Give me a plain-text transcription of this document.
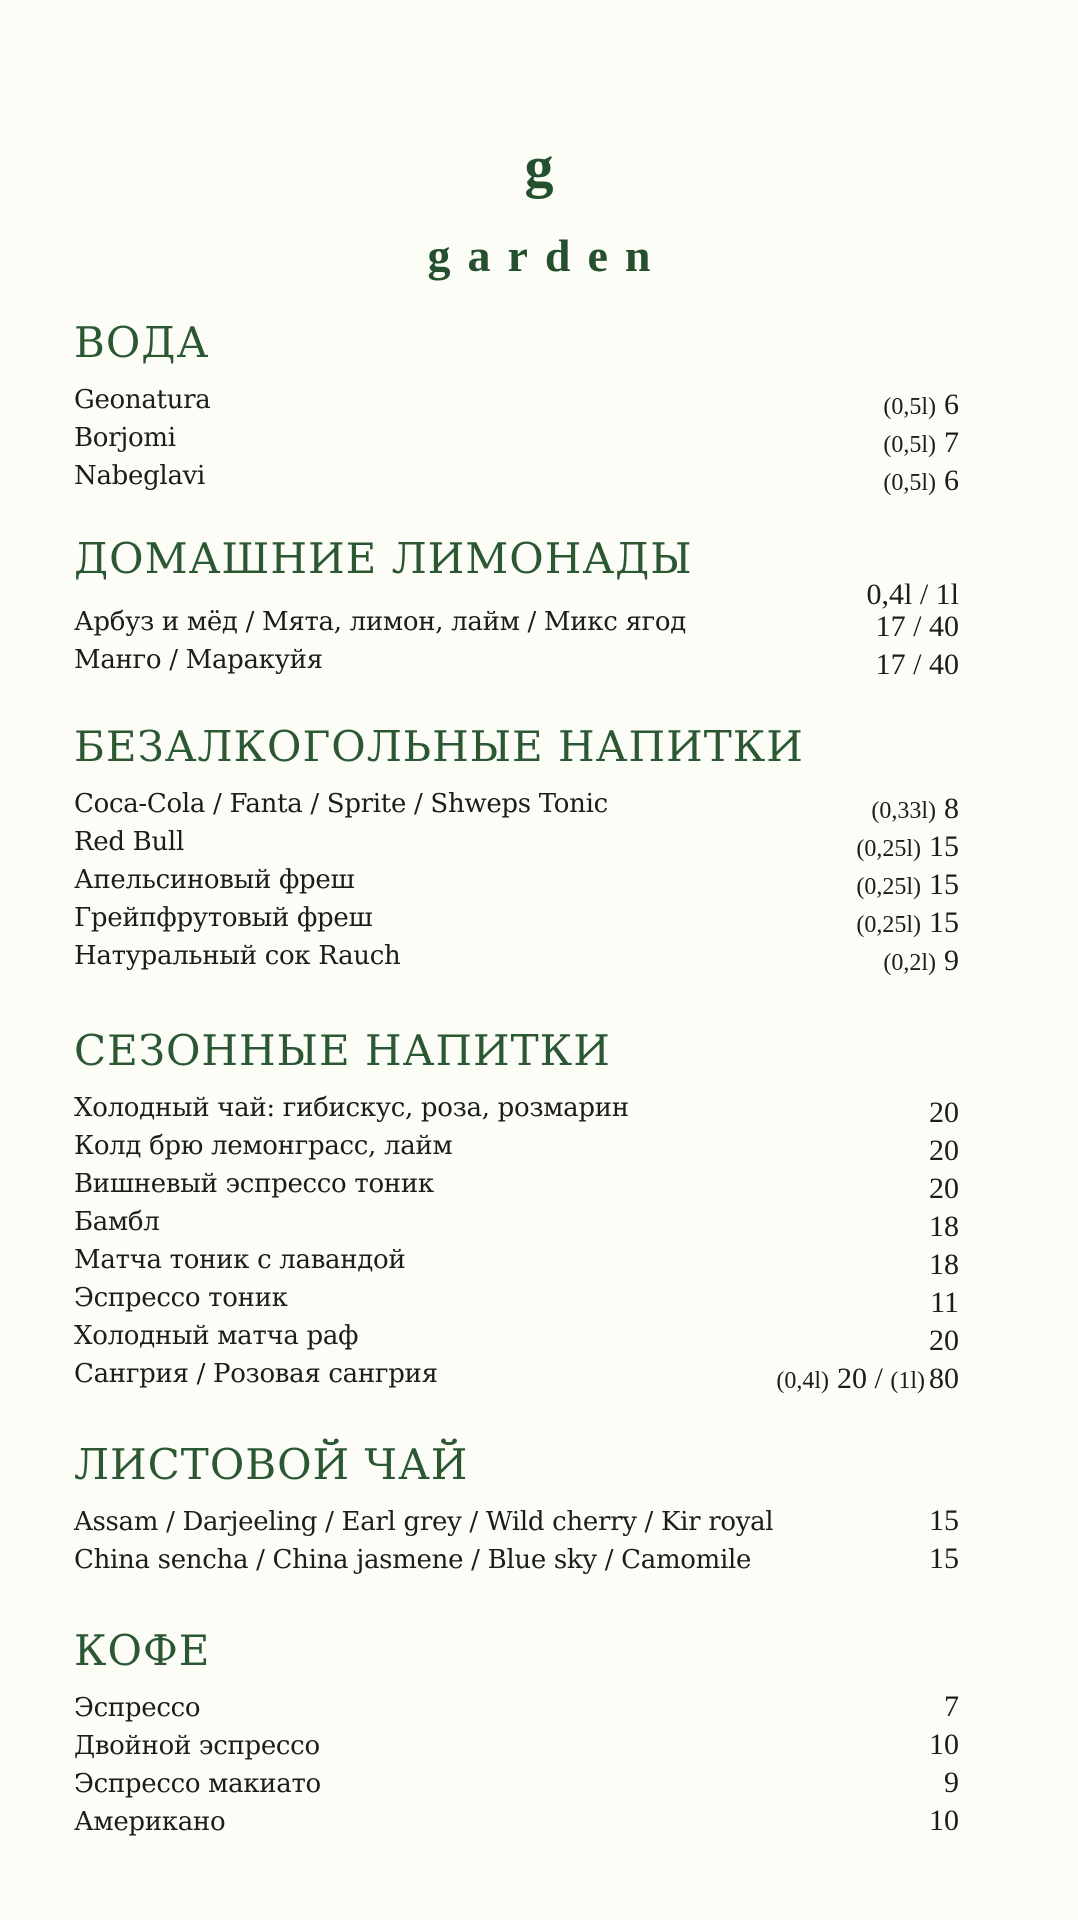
g
garden
ВОДА
Geonatura	(0,5l) 6
Borjomi	(0,5l) 7
Nabeglavi	(0,5l) 6
ДОМАШНИЕ ЛИМОНАДЫ
0,4l / 1l
Арбуз и мёд / Мята, лимон, лайм / Микс ягод	17 / 40
Манго / Маракуйя	17 / 40
БЕЗАЛКОГОЛЬНЫЕ НАПИТКИ
Coca-Cola / Fanta / Sprite / Shweps Tonic	(0,33l) 8
Red Bull	(0,25l) 15
Апельсиновый фреш	(0,25l) 15
Грейпфрутовый фреш	(0,25l) 15
Натуральный сок Rauch	(0,2l) 9
СЕЗОННЫЕ НАПИТКИ
Холодный чай: гибискус, роза, розмарин	20
Колд брю лемонграсс, лайм	20
Вишневый эспрессо тоник	20
Бамбл	18
Матча тоник с лавандой	18
Эспрессо тоник	11
Холодный матча раф	20
Сангрия / Розовая сангрия	(0,4l) 20 / (1l) 80
ЛИСТОВОЙ ЧАЙ
Assam / Darjeeling / Earl grey / Wild cherry / Kir royal	15
China sencha / China jasmene / Blue sky / Camomile	15
КОФЕ
Эспрессо	7
Двойной эспрессо	10
Эспрессо макиато	9
Американо	10
